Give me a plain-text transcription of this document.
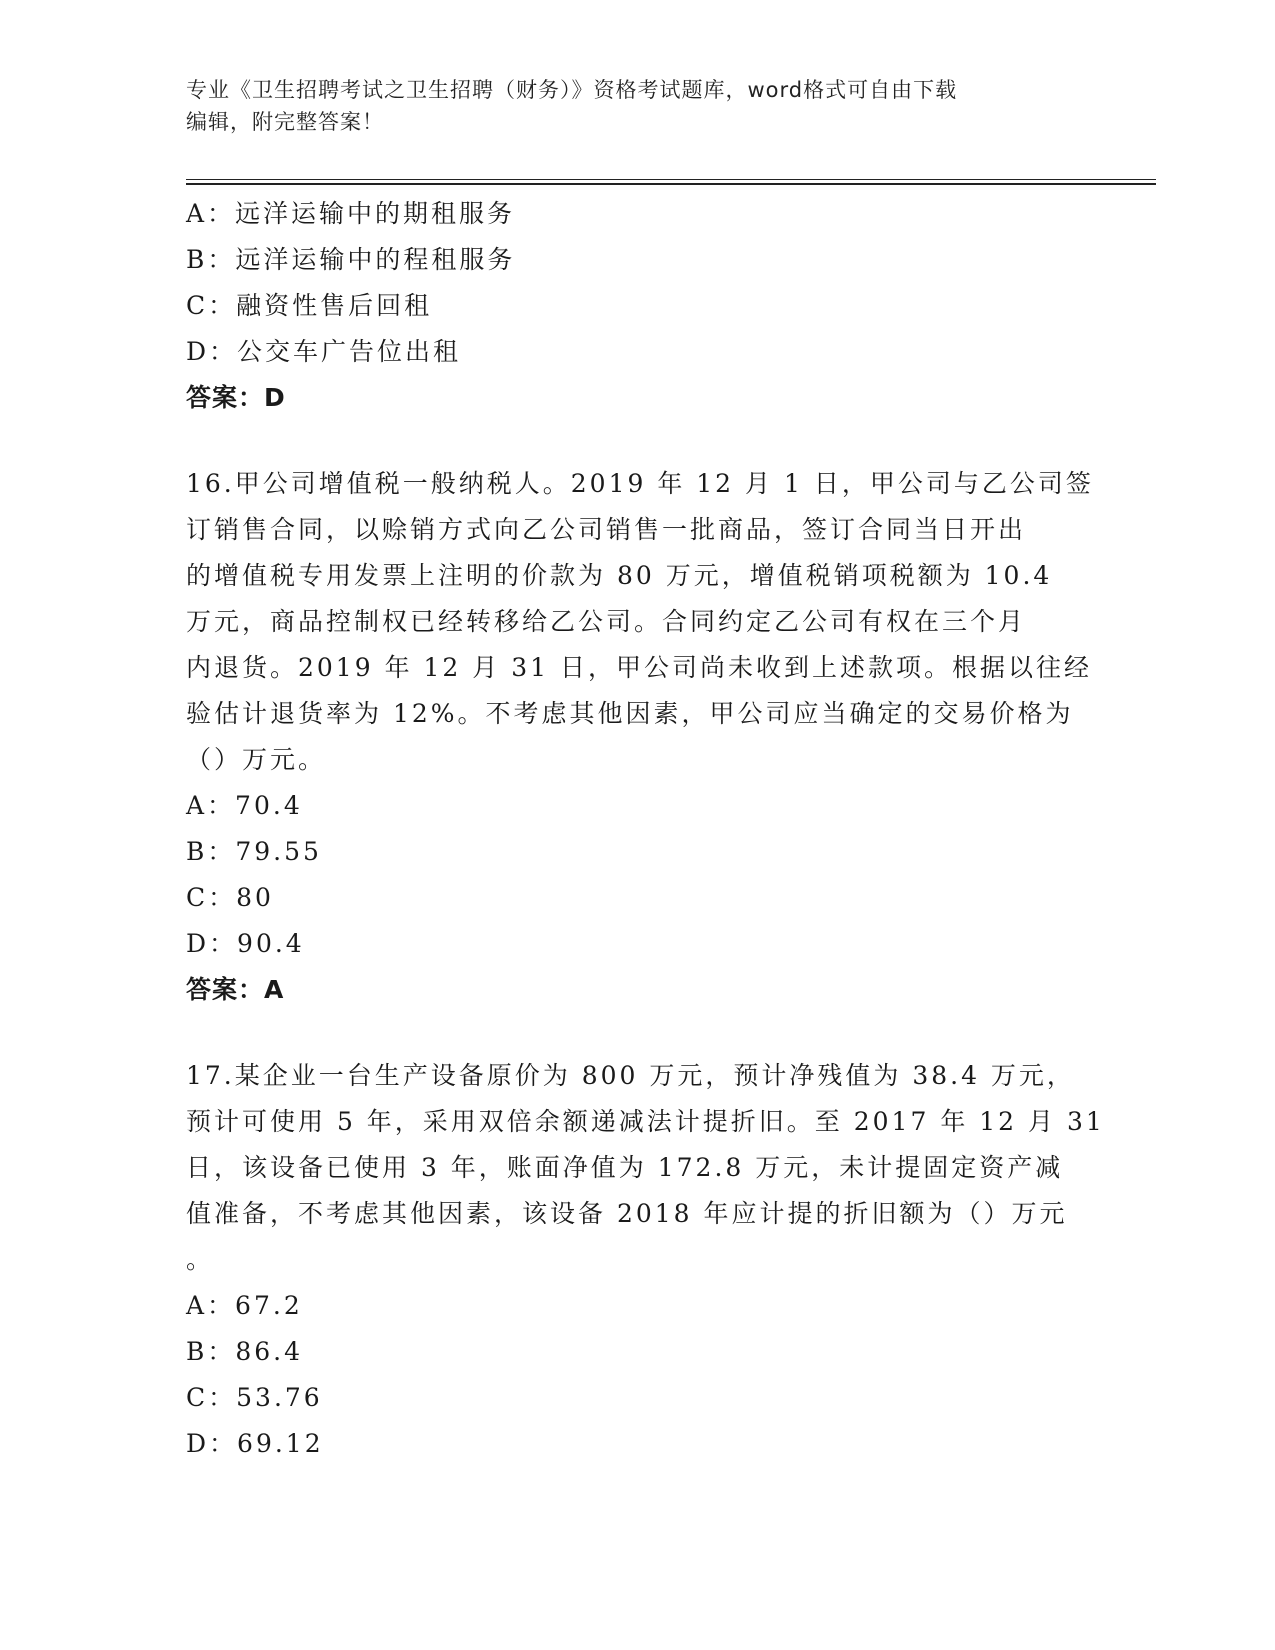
专业《卫生招聘考试之卫生招聘（财务）》资格考试题库，word格式可自由下载
编辑，附完整答案！
A：远洋运输中的期租服务
B：远洋运输中的程租服务
C：融资性售后回租
D：公交车广告位出租
答案：D
16.甲公司增值税一般纳税人。2019 年 12 月 1 日，甲公司与乙公司签
订销售合同，以赊销方式向乙公司销售一批商品，签订合同当日开出
的增值税专用发票上注明的价款为 80 万元，增值税销项税额为 10.4
万元，商品控制权已经转移给乙公司。合同约定乙公司有权在三个月
内退货。2019 年 12 月 31 日，甲公司尚未收到上述款项。根据以往经
验估计退货率为 12%。不考虑其他因素，甲公司应当确定的交易价格为
（）万元。
A：70.4
B：79.55
C：80
D：90.4
答案：A
17.某企业一台生产设备原价为 800 万元，预计净残值为 38.4 万元，
预计可使用 5 年，采用双倍余额递减法计提折旧。至 2017 年 12 月 31
日，该设备已使用 3 年，账面净值为 172.8 万元，未计提固定资产减
值准备，不考虑其他因素，该设备 2018 年应计提的折旧额为（）万元
。
A：67.2
B：86.4
C：53.76
D：69.12
